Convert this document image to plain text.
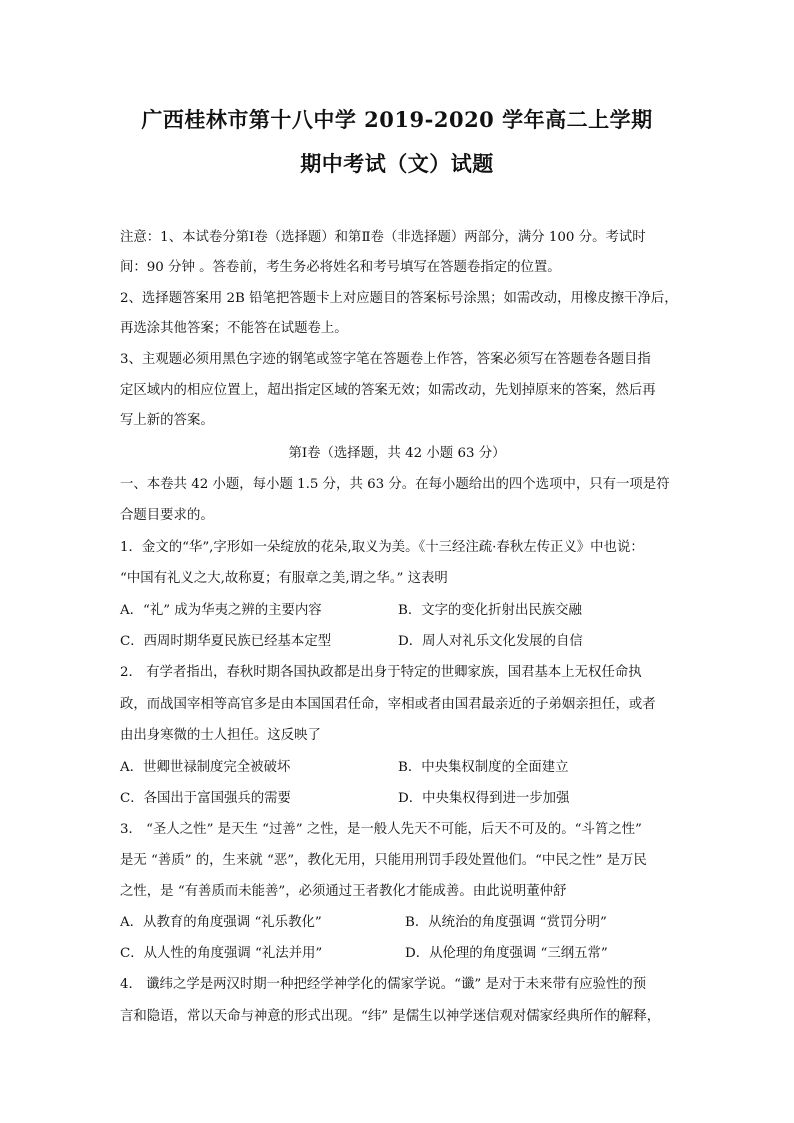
广西桂林市第十八中学 2019-2020 学年高二上学期
期中考试（文）试题
注意：1、本试卷分第Ⅰ卷（选择题）和第Ⅱ卷（非选择题）两部分，满分 100 分。考试时
间：90 分钟 。答卷前，考生务必将姓名和考号填写在答题卷指定的位置。
2、选择题答案用 2B 铅笔把答题卡上对应题目的答案标号涂黑；如需改动，用橡皮擦干净后，
再选涂其他答案；不能答在试题卷上。
3、主观题必须用黑色字迹的钢笔或签字笔在答题卷上作答，答案必须写在答题卷各题目指
定区域内的相应位置上，超出指定区域的答案无效；如需改动，先划掉原来的答案，然后再
写上新的答案。
第Ⅰ卷（选择题，共 42 小题 63 分）
一、本卷共 42 小题，每小题 1.5 分，共 63 分。在每小题给出的四个选项中，只有一项是符
合题目要求的。
1．金文的“华”,字形如一朵绽放的花朵,取义为美。《十三经注疏·春秋左传正义》中也说：
“中国有礼义之大,故称夏；有服章之美,谓之华。” 这表明
A．“礼” 成为华夷之辨的主要内容	B．文字的变化折射出民族交融
C．西周时期华夏民族已经基本定型	D．周人对礼乐文化发展的自信
2． 有学者指出，春秋时期各国执政都是出身于特定的世卿家族，国君基本上无权任命执
政，而战国宰相等高官多是由本国国君任命，宰相或者由国君最亲近的子弟姻亲担任，或者
由出身寒微的士人担任。这反映了
A．世卿世禄制度完全被破坏	B．中央集权制度的全面建立
C．各国出于富国强兵的需要	D．中央集权得到进一步加强
3． “圣人之性” 是天生 “过善” 之性，是一般人先天不可能，后天不可及的。“斗筲之性”
是无 “善质” 的，生来就 “恶”，教化无用，只能用刑罚手段处置他们。“中民之性” 是万民
之性，是 “有善质而未能善”，必须通过王者教化才能成善。由此说明董仲舒
A．从教育的角度强调 “礼乐教化”	B．从统治的角度强调 “赏罚分明”
C．从人性的角度强调 “礼法并用”	D．从伦理的角度强调 “三纲五常”
4． 谶纬之学是两汉时期一种把经学神学化的儒家学说。“谶” 是对于未来带有应验性的预
言和隐语，常以天命与神意的形式出现。“纬” 是儒生以神学迷信观对儒家经典所作的解释，
